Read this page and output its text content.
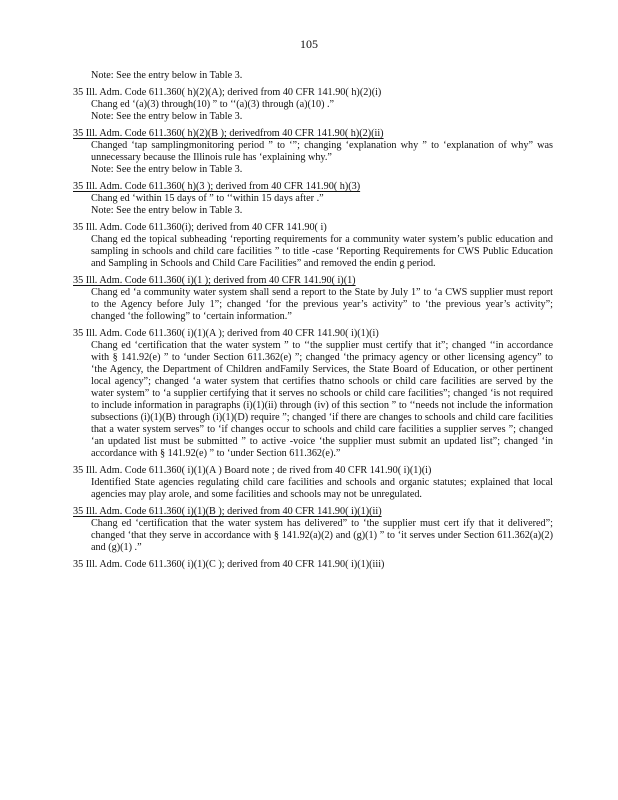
105
Note: See the entry below in Table 3.
35 Ill. Adm. Code 611.360( h)(2)(A); derived from 40 CFR 141.90( h)(2)(i)
Chang ed ‘(a)(3) through(10) ” to ‘‘(a)(3) through (a)(10) .”
Note: See the entry below in Table 3.
35 Ill. Adm. Code 611.360( h)(2)(B ); derivedfrom 40 CFR 141.90( h)(2)(ii)
Changed ‘tap samplingmonitoring period ” to ‘”; changing ‘explanation why ” to ‘explanation of why” was unnecessary because the Illinois rule has ‘explaining why.”
Note: See the entry below in Table 3.
35 Ill. Adm. Code 611.360( h)(3 ); derived from 40 CFR 141.90( h)(3)
Chang ed ‘within 15 days of ” to ‘‘within 15 days after .”
Note: See the entry below in Table 3.
35 Ill. Adm. Code 611.360(i); derived from 40 CFR 141.90( i)
Chang ed the topical subheading ‘reporting requirements for a community water system’s public education and sampling in schools and child care facilities ” to title -case ‘Reporting Requirements for CWS Public Education and Sampling in Schools and Child Care Facilities” and removed the endin g period.
35 Ill. Adm. Code 611.360( i)(1 ); derived from 40 CFR 141.90( i)(1)
Chang ed ‘a community water system shall send a report to the State by July 1” to ‘a CWS supplier must report to the Agency before July 1”; changed ‘for the previous year’s activity” to ‘the previous year’s activity”; changed ‘the following” to ‘certain information.”
35 Ill. Adm. Code 611.360( i)(1)(A ); derived from 40 CFR 141.90( i)(1)(i)
Chang ed ‘certification that the water system ” to ‘‘the supplier must certify that it”; changed ‘‘in accordance with § 141.92(e) ” to ‘under Section 611.362(e) ”; changed ‘the primacy agency or other licensing agency” to ‘the Agency, the Department of Children andFamily Services, the State Board of Education, or other pertinent local agency”; changed ‘a water system that certifies thatno schools or child care facilities are served by the water system” to ‘a supplier certifying that it serves no schools or child care facilities”; changed ‘is not required to include information in paragraphs (i)(1)(ii) through (iv) of this section ” to ‘‘needs not include the information subsections (i)(1)(B) through (i)(1)(D) require ”; changed ‘if there are changes to schools and child care facilities that a water system serves” to ‘if changes occur to schools and child care facilities a supplier serves ”; changed ‘an updated list must be submitted ” to active -voice ‘the supplier must submit an updated list”; changed ‘in accordance with § 141.92(e) ” to ‘under Section 611.362(e).”
35 Ill. Adm. Code 611.360( i)(1)(A ) Board note ; de rived from 40 CFR 141.90( i)(1)(i)
Identified State agencies regulating child care facilities and schools and organic statutes; explained that local agencies may play arole, and some facilities and schools may not be unregulated.
35 Ill. Adm. Code 611.360( i)(1)(B ); derived from 40 CFR 141.90( i)(1)(ii)
Chang ed ‘certification that the water system has delivered” to ‘the supplier must cert ify that it delivered”; changed ‘that they serve in accordance with § 141.92(a)(2) and (g)(1) ” to ‘it serves under Section 611.362(a)(2) and (g)(1) .”
35 Ill. Adm. Code 611.360( i)(1)(C ); derived from 40 CFR 141.90( i)(1)(iii)
